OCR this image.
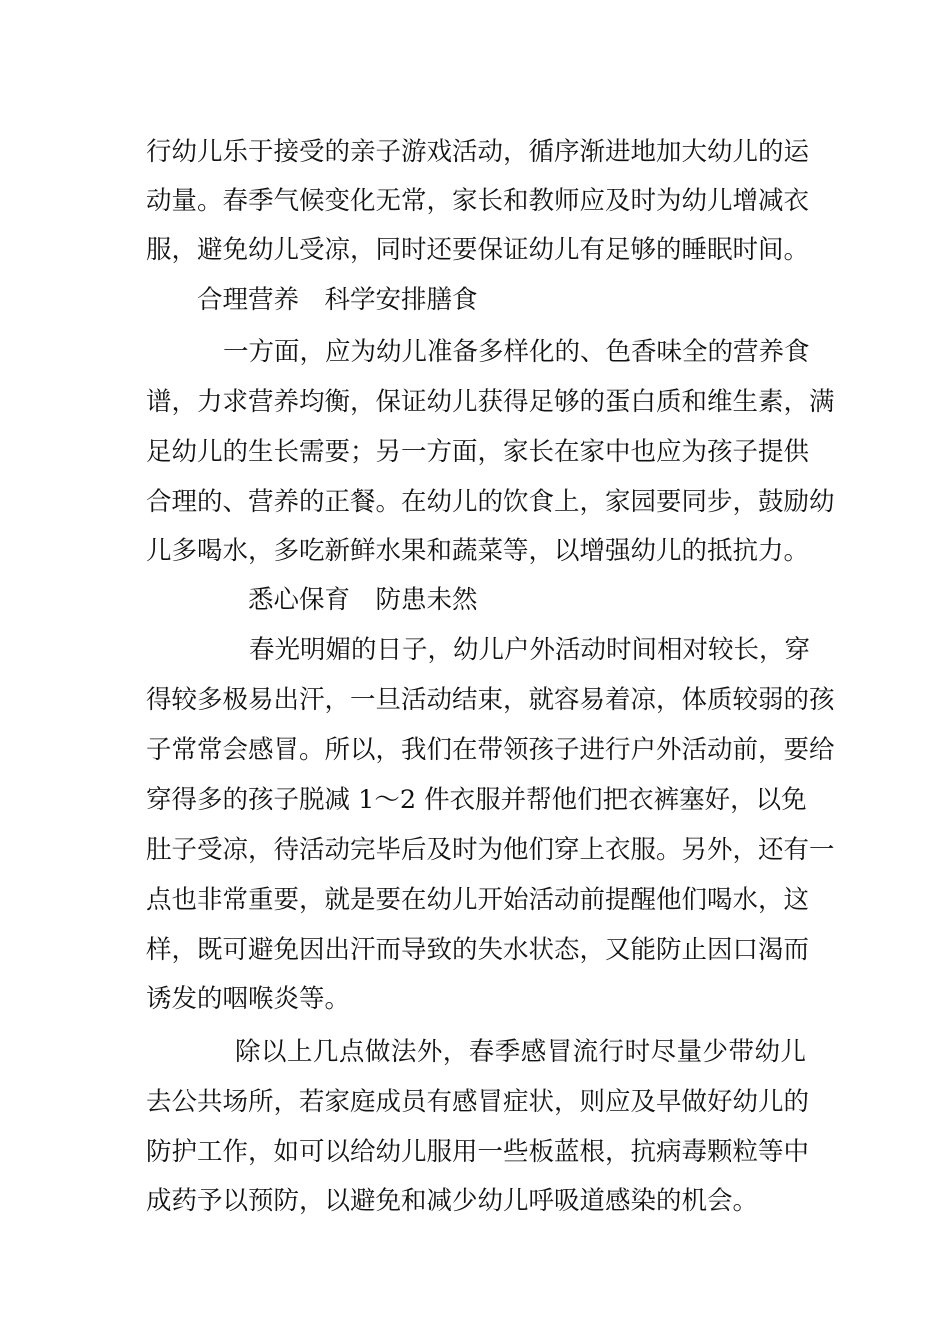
行幼儿乐于接受的亲子游戏活动，循序渐进地加大幼儿的运
动量。春季气候变化无常，家长和教师应及时为幼儿增减衣
服，避免幼儿受凉，同时还要保证幼儿有足够的睡眠时间。
合理营养　科学安排膳食
一方面，应为幼儿准备多样化的、色香味全的营养食
谱，力求营养均衡，保证幼儿获得足够的蛋白质和维生素，满
足幼儿的生长需要；另一方面，家长在家中也应为孩子提供
合理的、营养的正餐。在幼儿的饮食上，家园要同步，鼓励幼
儿多喝水，多吃新鲜水果和蔬菜等，以增强幼儿的抵抗力。
悉心保育　防患未然
春光明媚的日子，幼儿户外活动时间相对较长，穿
得较多极易出汗，一旦活动结束，就容易着凉，体质较弱的孩
子常常会感冒。所以，我们在带领孩子进行户外活动前，要给
穿得多的孩子脱减 1～2 件衣服并帮他们把衣裤塞好，以免
肚子受凉，待活动完毕后及时为他们穿上衣服。另外，还有一
点也非常重要，就是要在幼儿开始活动前提醒他们喝水，这
样，既可避免因出汗而导致的失水状态，又能防止因口渴而
诱发的咽喉炎等。
除以上几点做法外，春季感冒流行时尽量少带幼儿
去公共场所，若家庭成员有感冒症状，则应及早做好幼儿的
防护工作，如可以给幼儿服用一些板蓝根，抗病毒颗粒等中
成药予以预防，以避免和减少幼儿呼吸道感染的机会。
